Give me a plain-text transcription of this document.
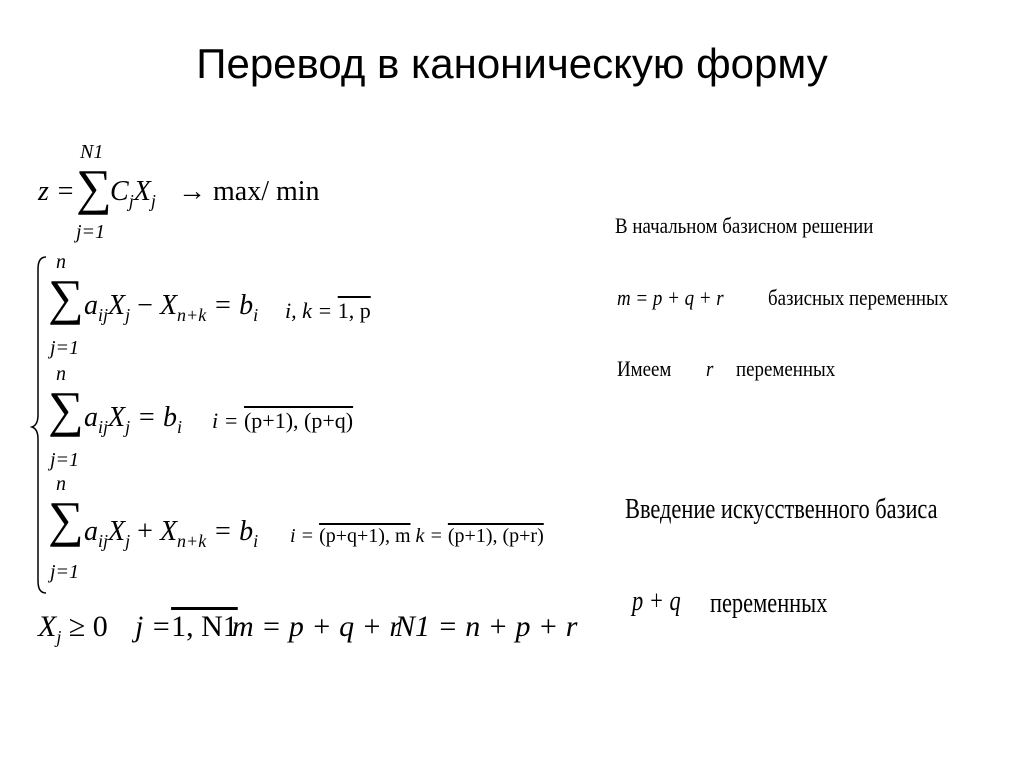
Перевод в каноническую форму
z =
N1
∑
j=1
$C_jX_j \to \max/$ min
n
∑
j=1
$a_{ij}X_j - X_{n+k} = b_i$ i, k = 1, p
n
∑
j=1
$a_{ij}X_j = b_i$ i = (p+1), (p+q)
n
∑
j=1
$a_{ij}X_j + X_{n+k} = b_i$ i = (p+q+1), m k = (p+1), (p+r)
$X_j \ge 0$ j =1, N1
m = p + q + r
N1 = n + p + r
В начальном базисном решении
m = p + q + r базисных переменных
Имеем r переменных
Введение искусственного базиса
p + q переменных
